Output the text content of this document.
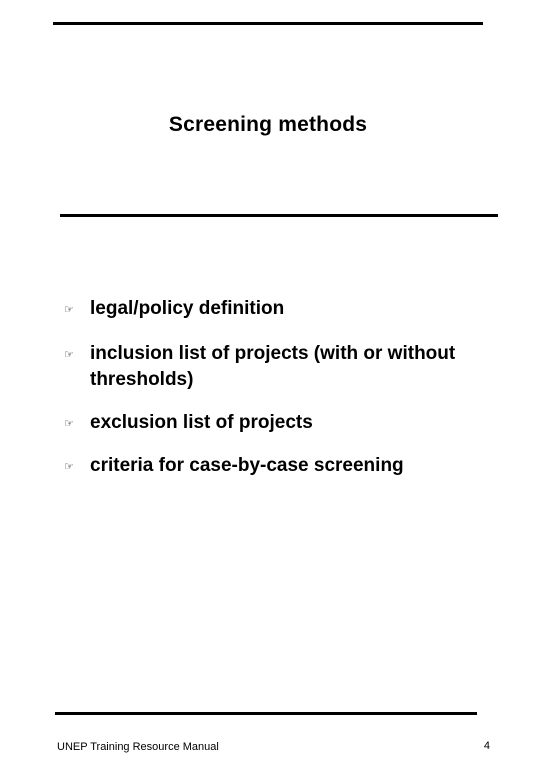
Screening methods
☞ legal/policy definition
☞ inclusion list of projects (with or without thresholds)
☞ exclusion list of projects
☞ criteria for case-by-case screening
UNEP Training Resource Manual	4
